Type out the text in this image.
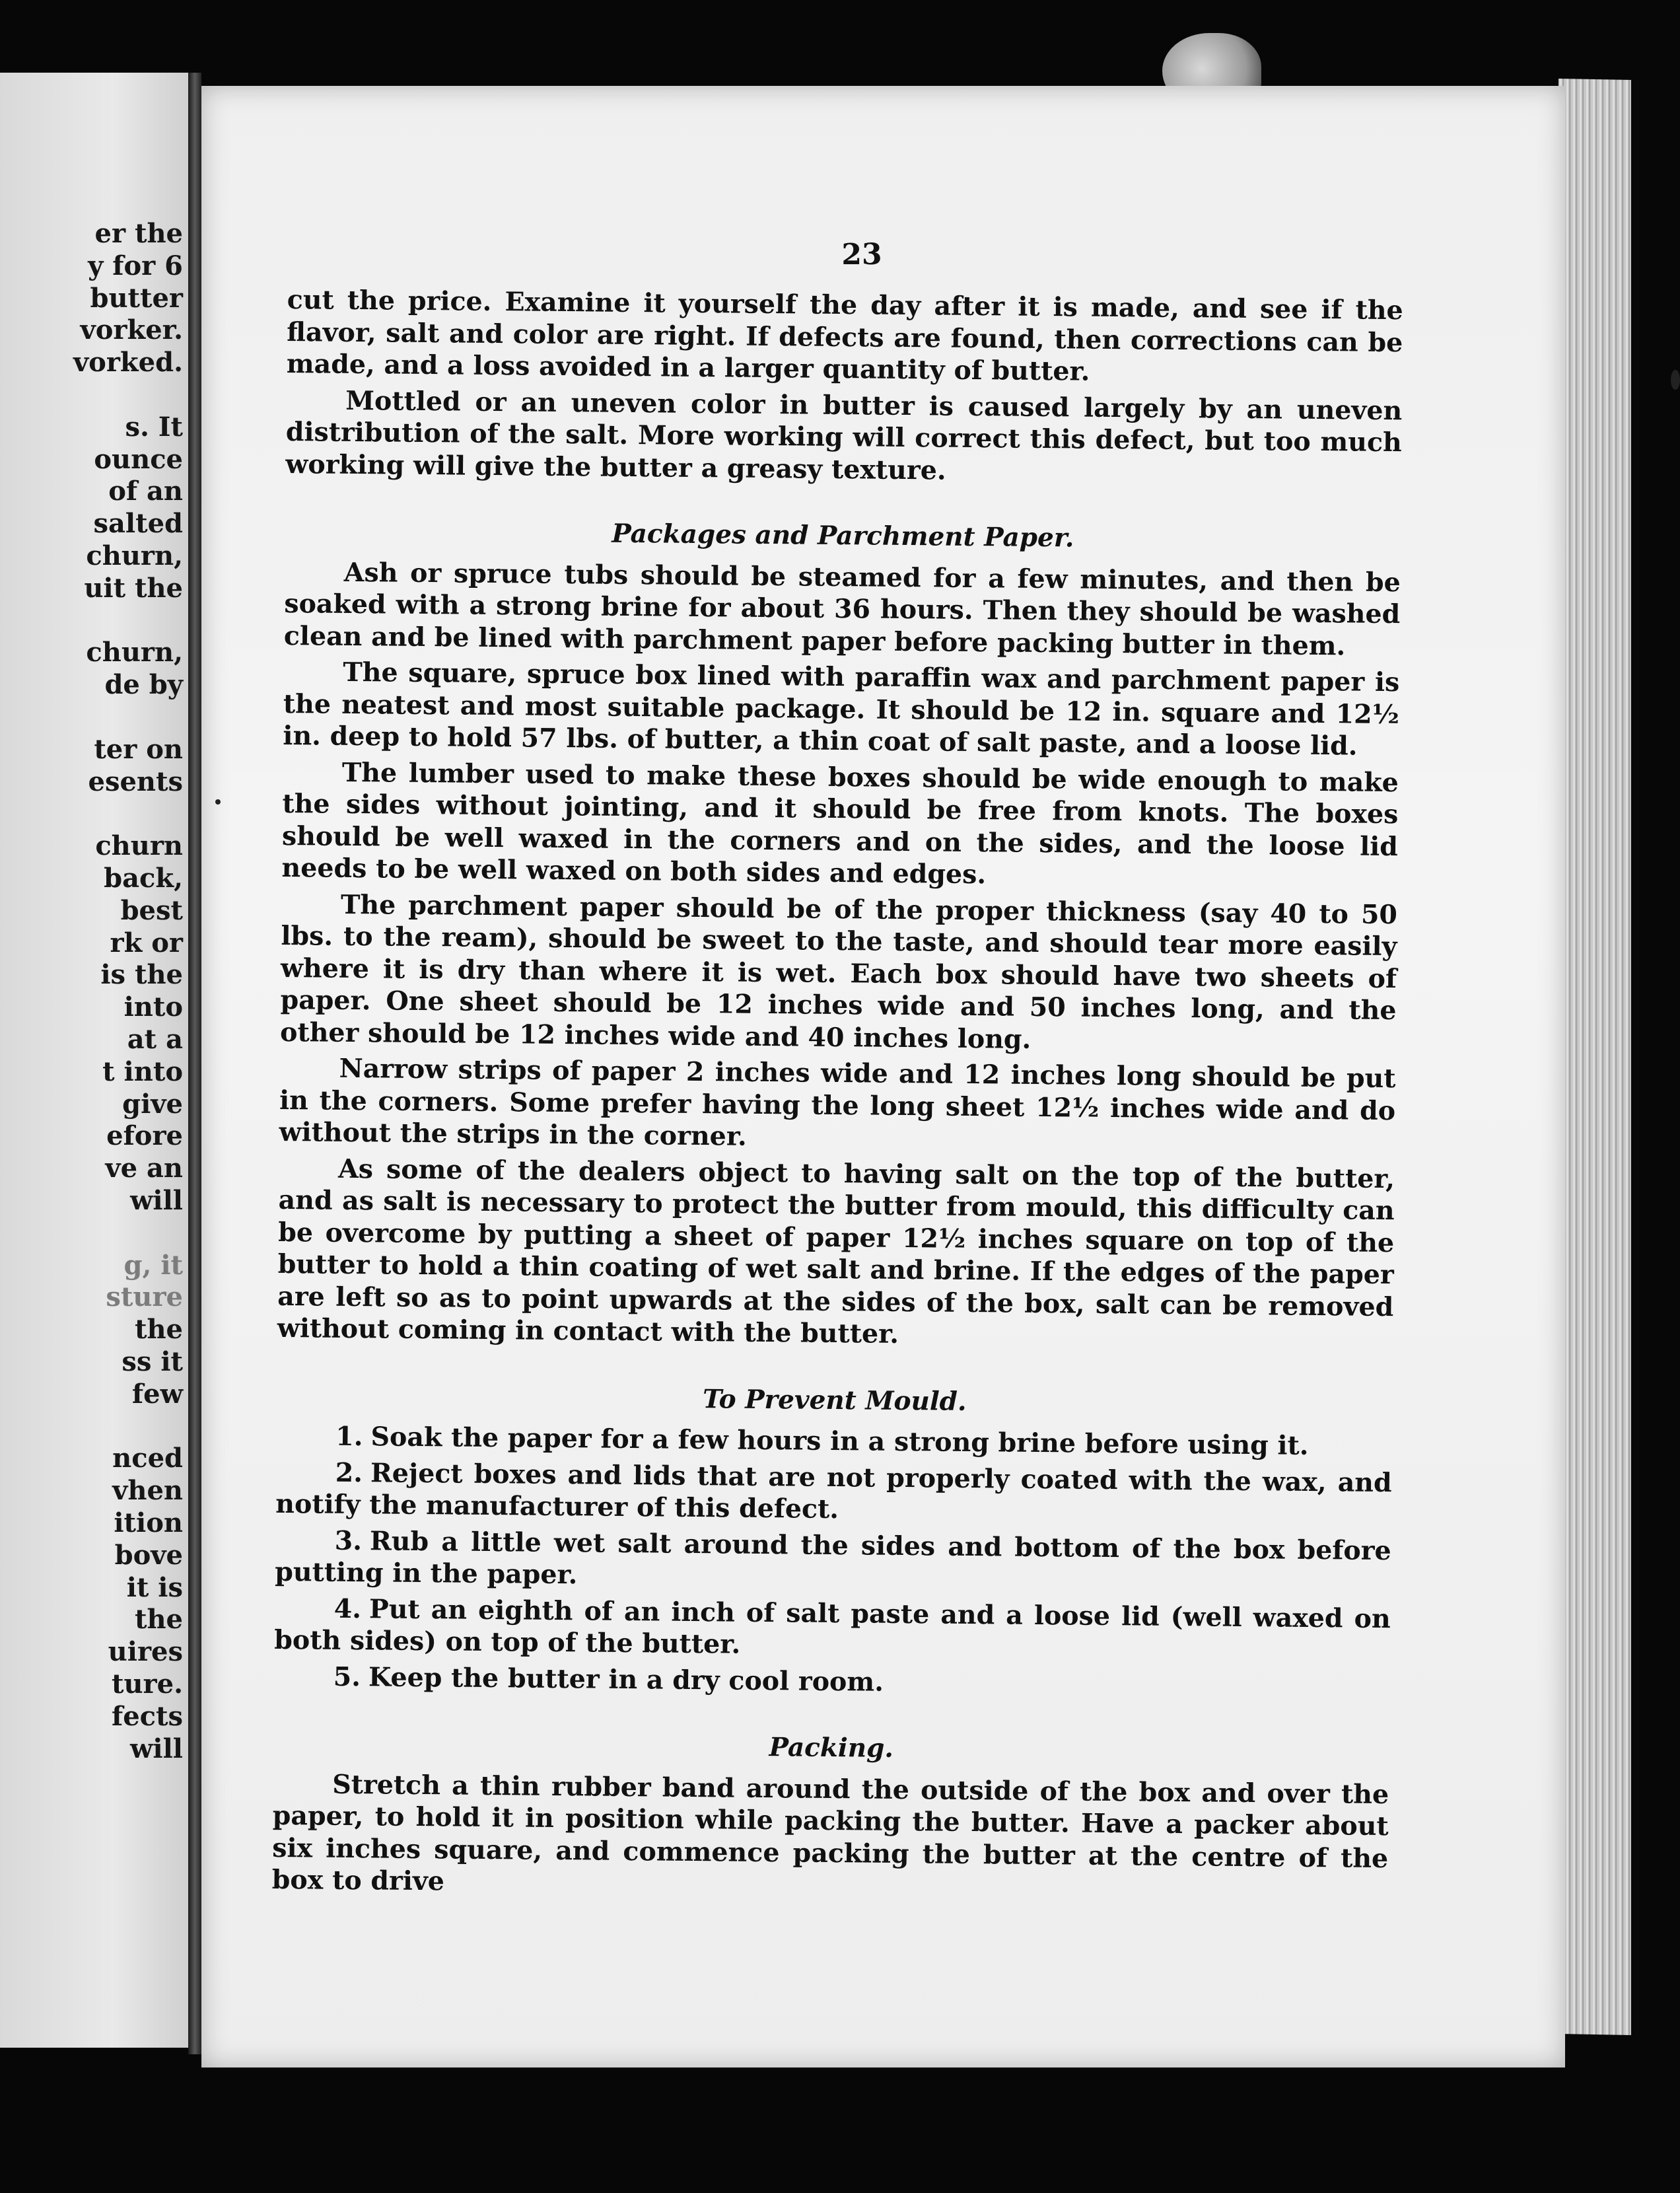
er the
y for 6
butter
vorker.
vorked.
s. It
ounce
of an
salted
churn,
uit the
churn,
de by
ter on
esents
churn
back,
best
rk or
is the
into
at a
t into
give
efore
ve an
will
g, it
sture
the
ss it
few
nced
vhen
ition
bove
it is
the
uires
ture.
fects
will
23

cut the price. Examine it yourself the day after it is made, and see if the flavor, salt and color are right. If defects are found, then corrections can be made, and a loss avoided in a larger quantity of butter.

Mottled or an uneven color in butter is caused largely by an uneven distribution of the salt. More working will correct this defect, but too much working will give the butter a greasy texture.

Packages and Parchment Paper.

Ash or spruce tubs should be steamed for a few minutes, and then be soaked with a strong brine for about 36 hours. Then they should be washed clean and be lined with parchment paper before packing butter in them.

The square, spruce box lined with paraffin wax and parchment paper is the neatest and most suitable package. It should be 12 in. square and 12½ in. deep to hold 57 lbs. of butter, a thin coat of salt paste, and a loose lid.

The lumber used to make these boxes should be wide enough to make the sides without jointing, and it should be free from knots. The boxes should be well waxed in the corners and on the sides, and the loose lid needs to be well waxed on both sides and edges.

The parchment paper should be of the proper thickness (say 40 to 50 lbs. to the ream), should be sweet to the taste, and should tear more easily where it is dry than where it is wet. Each box should have two sheets of paper. One sheet should be 12 inches wide and 50 inches long, and the other should be 12 inches wide and 40 inches long.

Narrow strips of paper 2 inches wide and 12 inches long should be put in the corners. Some prefer having the long sheet 12½ inches wide and do without the strips in the corner.

As some of the dealers object to having salt on the top of the butter, and as salt is necessary to protect the butter from mould, this difficulty can be overcome by putting a sheet of paper 12½ inches square on top of the butter to hold a thin coating of wet salt and brine. If the edges of the paper are left so as to point upwards at the sides of the box, salt can be removed without coming in contact with the butter.

To Prevent Mould.
1. Soak the paper for a few hours in a strong brine before using it.
2. Reject boxes and lids that are not properly coated with the wax, and notify the manufacturer of this defect.
3. Rub a little wet salt around the sides and bottom of the box before putting in the paper.
4. Put an eighth of an inch of salt paste and a loose lid (well waxed on both sides) on top of the butter.
5. Keep the butter in a dry cool room.
Packing.

Stretch a thin rubber band around the outside of the box and over the paper, to hold it in position while packing the butter. Have a packer about six inches square, and commence packing the butter at the centre of the box to drive
